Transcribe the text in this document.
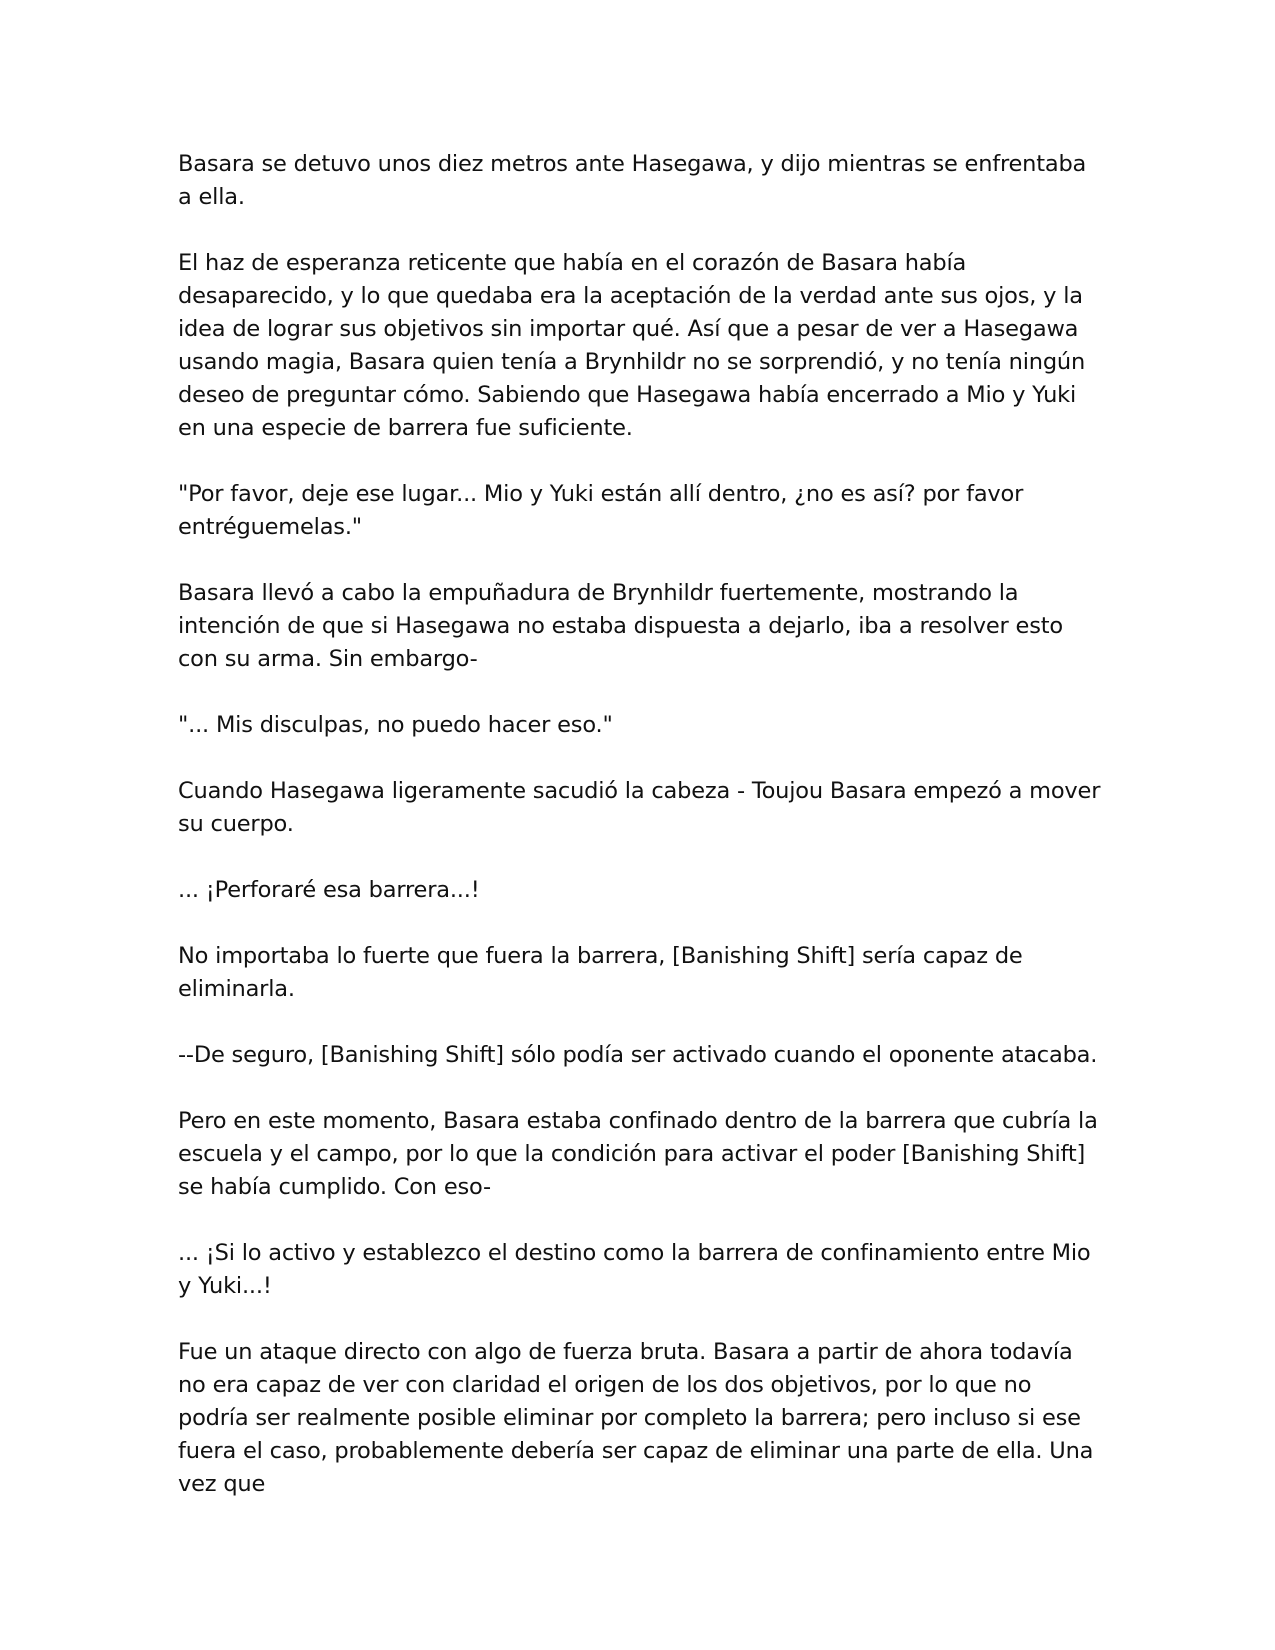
Basara se detuvo unos diez metros ante Hasegawa, y dijo mientras se enfrentaba a ella.

El haz de esperanza reticente que había en el corazón de Basara había desaparecido, y lo que quedaba era la aceptación de la verdad ante sus ojos, y la idea de lograr sus objetivos sin importar qué. Así que a pesar de ver a Hasegawa usando magia, Basara quien tenía a Brynhildr no se sorprendió, y no tenía ningún deseo de preguntar cómo. Sabiendo que Hasegawa había encerrado a Mio y Yuki en una especie de barrera fue suficiente.

"Por favor, deje ese lugar... Mio y Yuki están allí dentro, ¿no es así? por favor entréguemelas."

Basara llevó a cabo la empuñadura de Brynhildr fuertemente, mostrando la intención de que si Hasegawa no estaba dispuesta a dejarlo, iba a resolver esto con su arma. Sin embargo-

"... Mis disculpas, no puedo hacer eso."

Cuando Hasegawa ligeramente sacudió la cabeza - Toujou Basara empezó a mover su cuerpo.

... ¡Perforaré esa barrera...!

No importaba lo fuerte que fuera la barrera, [Banishing Shift] sería capaz de eliminarla.

--De seguro, [Banishing Shift] sólo podía ser activado cuando el oponente atacaba.

Pero en este momento, Basara estaba confinado dentro de la barrera que cubría la escuela y el campo, por lo que la condición para activar el poder [Banishing Shift] se había cumplido. Con eso-

... ¡Si lo activo y establezco el destino como la barrera de confinamiento entre Mio y Yuki...!

Fue un ataque directo con algo de fuerza bruta. Basara a partir de ahora todavía no era capaz de ver con claridad el origen de los dos objetivos, por lo que no podría ser realmente posible eliminar por completo la barrera; pero incluso si ese fuera el caso, probablemente debería ser capaz de eliminar una parte de ella. Una vez que
